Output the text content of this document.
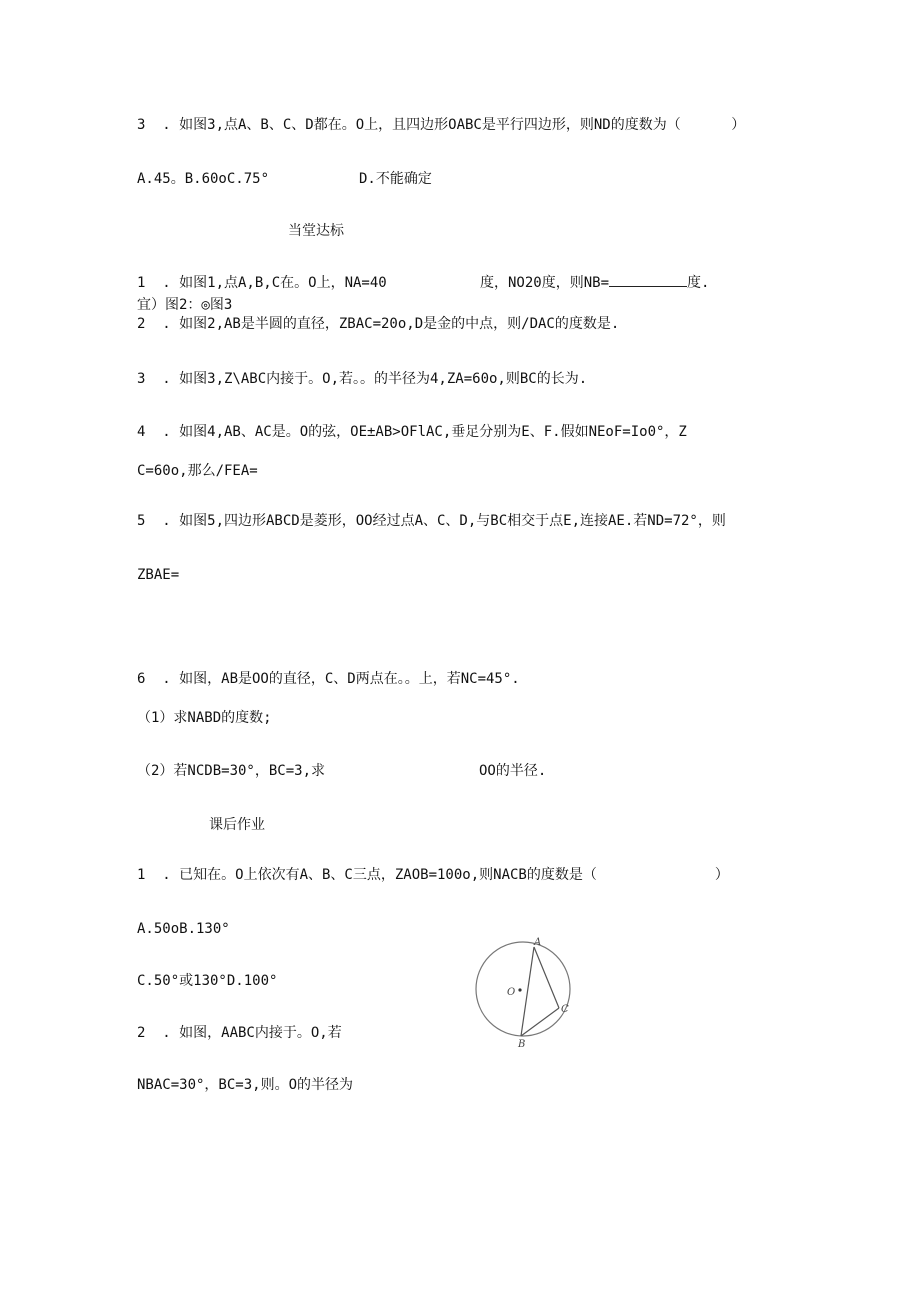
3  . 如图3,点A、B、C、D都在。O上，且四边形OABC是平行四边形，则ND的度数为（      ）
A.45。B.60oC.75°	D.不能确定
当堂达标
1  . 如图1,点A,B,C在。O上，NA=40	度，NO20度，则NB=	度.
宜）图2：◎图3
2  . 如图2,AB是半圆的直径，ZBAC=20o,D是金的中点，则/DAC的度数是.
3  . 如图3,Z\ABC内接于。O,若。。的半径为4,ZA=60o,则BC的长为.
4  . 如图4,AB、AC是。O的弦，OE±AB>OFlAC,垂足分别为E、F.假如NEoF=Io0°，Z
C=60o,那么/FEA=
5  . 如图5,四边形ABCD是菱形，OO经过点A、C、D,与BC相交于点E,连接AE.若ND=72°，则
ZBAE=
6  . 如图，AB是OO的直径，C、D两点在。。上，若NC=45°.
（1）求NABD的度数;
（2）若NCDB=30°，BC=3,求	OO的半径.
课后作业
1  . 已知在。O上依次有A、B、C三点，ZAOB=100o,则NACB的度数是（              ）
A.50oB.130°
C.50°或130°D.100°
2  . 如图，AABC内接于。O,若
NBAC=30°，BC=3,则。O的半径为
A
B
C
O
